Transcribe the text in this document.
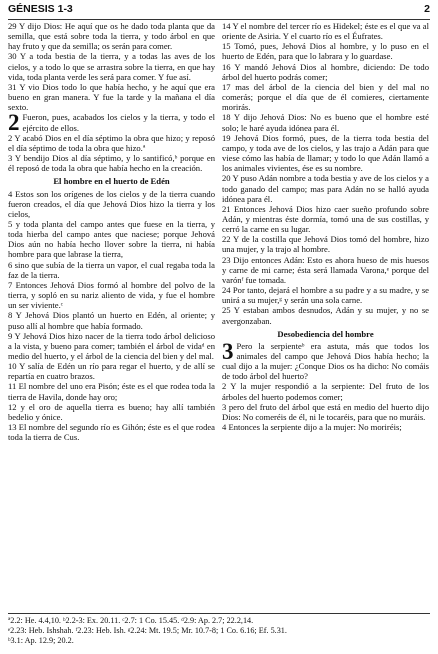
GÉNESIS 1-3	2

29 Y dijo Dios: He aquí que os he dado toda planta que da semilla, que está sobre toda la tierra, y todo árbol en que hay fruto y que da semilla; os serán para comer.

30 Y a toda bestia de la tierra, y a todas las aves de los cielos, y a todo lo que se arrastra sobre la tierra, en que hay vida, toda planta verde les será para comer. Y fue así.

31 Y vio Dios todo lo que había hecho, y he aquí que era bueno en gran manera. Y fue la tarde y la mañana el día sexto.

2 Fueron, pues, acabados los cielos y la tierra, y todo el ejército de ellos.

2 Y acabó Dios en el día séptimo la obra que hizo; y reposó el día séptimo de toda la obra que hizo.ª

3 Y bendijo Dios al día séptimo, y lo santificó,ᵇ porque en él reposó de toda la obra que había hecho en la creación.

El hombre en el huerto de Edén

4 Estos son los orígenes de los cielos y de la tierra cuando fueron creados, el día que Jehová Dios hizo la tierra y los cielos,

5 y toda planta del campo antes que fuese en la tierra, y toda hierba del campo antes que naciese; porque Jehová Dios aún no había hecho llover sobre la tierra, ni había hombre para que labrase la tierra,

6 sino que subía de la tierra un vapor, el cual regaba toda la faz de la tierra.

7 Entonces Jehová Dios formó al hombre del polvo de la tierra, y sopló en su nariz aliento de vida, y fue el hombre un ser viviente.ᶜ

8 Y Jehová Dios plantó un huerto en Edén, al oriente; y puso allí al hombre que había formado.

9 Y Jehová Dios hizo nacer de la tierra todo árbol delicioso a la vista, y bueno para comer; también el árbol de vidaᵈ en medio del huerto, y el árbol de la ciencia del bien y del mal.

10 Y salía de Edén un río para regar el huerto, y de allí se repartía en cuatro brazos.

11 El nombre del uno era Pisón; éste es el que rodea toda la tierra de Havila, donde hay oro;

12 y el oro de aquella tierra es bueno; hay allí también bedelio y ónice.

13 El nombre del segundo río es Gihón; éste es el que rodea toda la tierra de Cus.

14 Y el nombre del tercer río es Hidekel; éste es el que va al oriente de Asiria. Y el cuarto río es el Éufrates.

15 Tomó, pues, Jehová Dios al hombre, y lo puso en el huerto de Edén, para que lo labrara y lo guardase.

16 Y mandó Jehová Dios al hombre, diciendo: De todo árbol del huerto podrás comer;

17 mas del árbol de la ciencia del bien y del mal no comerás; porque el día que de él comieres, ciertamente morirás.

18 Y dijo Jehová Dios: No es bueno que el hombre esté solo; le haré ayuda idónea para él.

19 Jehová Dios formó, pues, de la tierra toda bestia del campo, y toda ave de los cielos, y las trajo a Adán para que viese cómo las había de llamar; y todo lo que Adán llamó a los animales vivientes, ése es su nombre.

20 Y puso Adán nombre a toda bestia y ave de los cielos y a todo ganado del campo; mas para Adán no se halló ayuda idónea para él.

21 Entonces Jehová Dios hizo caer sueño profundo sobre Adán, y mientras éste dormía, tomó una de sus costillas, y cerró la carne en su lugar.

22 Y de la costilla que Jehová Dios tomó del hombre, hizo una mujer, y la trajo al hombre.

23 Dijo entonces Adán: Esto es ahora hueso de mis huesos y carne de mi carne; ésta será llamada Varona,ᵉ porque del varónᶠ fue tomada.

24 Por tanto, dejará el hombre a su padre y a su madre, y se unirá a su mujer,ᵍ y serán una sola carne.

25 Y estaban ambos desnudos, Adán y su mujer, y no se avergonzaban.

Desobediencia del hombre

3 Pero la serpienteᵇ era astuta, más que todos los animales del campo que Jehová Dios había hecho; la cual dijo a la mujer: ¿Conque Dios os ha dicho: No comáis de todo árbol del huerto?

2 Y la mujer respondió a la serpiente: Del fruto de los árboles del huerto podemos comer;

3 pero del fruto del árbol que está en medio del huerto dijo Dios: No comeréis de él, ni le tocaréis, para que no muráis.

4 Entonces la serpiente dijo a la mujer: No moriréis;

ª2.2: He. 4.4,10. ᵇ2.2-3: Ex. 20.11. ᶜ2.7: 1 Co. 15.45. ᵈ2.9: Ap. 2.7; 22.2,14.
ᵉ2.23: Heb. Ishshah. ᶠ2.23: Heb. Ish. ᵍ2.24: Mt. 19.5; Mr. 10.7-8; 1 Co. 6.16; Ef. 5.31.
ᵇ3.1: Ap. 12.9; 20.2.
